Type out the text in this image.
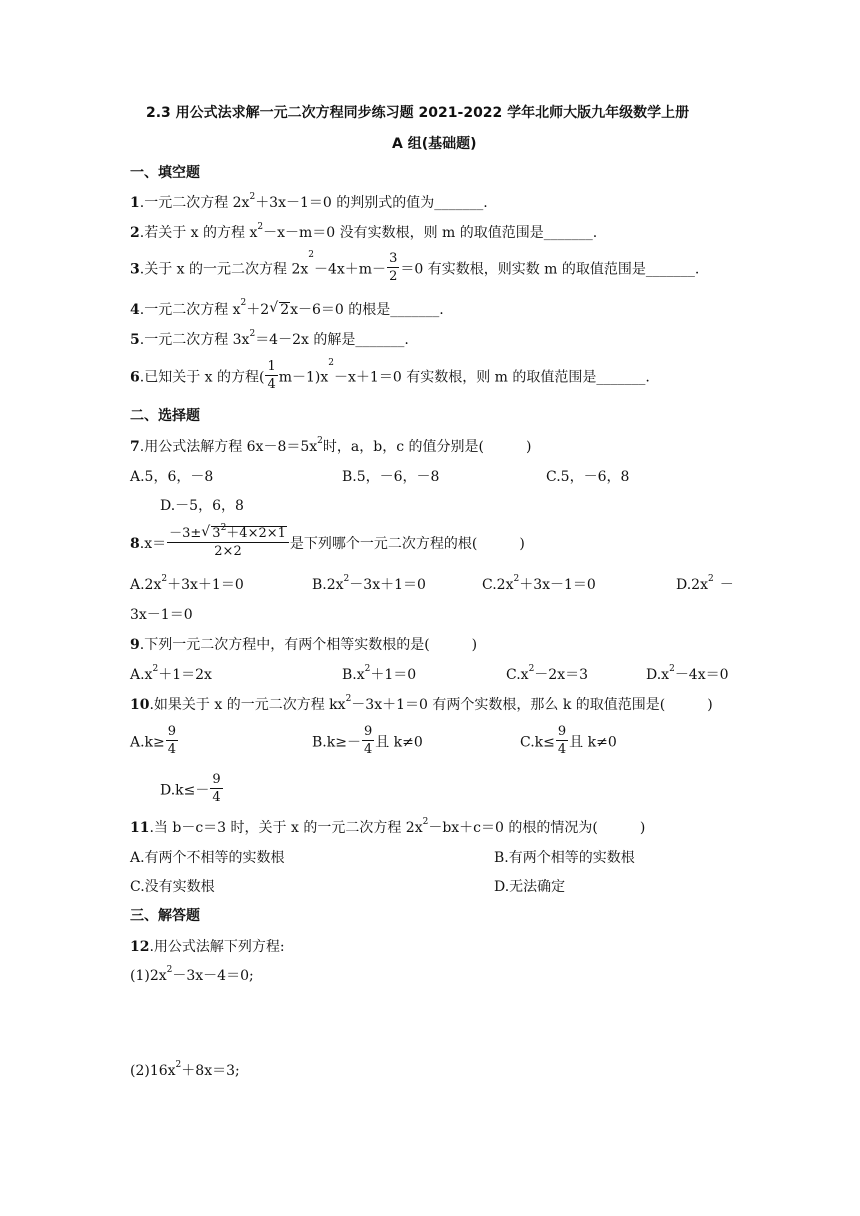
2.3 用公式法求解一元二次方程同步练习题 2021-2022 学年北师大版九年级数学上册
A 组(基础题)
一、填空题
1.一元二次方程 $2x^2+3x-1=0$ 的判别式的值为_______.
2.若关于 x 的方程 $x^2-x-m=0$ 没有实数根，则 m 的取值范围是_______.
3.关于 x 的一元二次方程 $2x^2-4x+m- \frac{3}{2} =0$ 有实数根，则实数 m 的取值范围是_______.
4.一元二次方程 $x^2+2√$ 2x－6＝0 的根是_______.
5.一元二次方程 $3x^2=4-2x$ 的解是_______.
6.已知关于 x 的方程( $\frac{1}{4} m-1)x^2-x+1=0$ 有实数根，则 m 的取值范围是_______.
二、选择题
7.用公式法解方程 $6x-8=5x^2$时，a，b，c 的值分别是(　　　)
A.5，6，－8	B.5，－6，－8	C.5，－6，8
D.－5，6，8
$8.x= \frac{-3\pm√ 3^2+4\times 2\times 1}{2\times 2}$ 是下列哪个一元二次方程的根(　　　)
$A.2x^2+3x+1=0$	$B.2x^2-3x+1=0$	$C.2x^2+3x-1=0$	$D.2x^2$ －
3x－1＝0
9.下列一元二次方程中，有两个相等实数根的是(　　　)
$A.x^2+1=2x$	$B.x^2+1=0$	$C.x^2-2x=3$	$D.x^2-4x=0$
10.如果关于 x 的一元二次方程 $kx^2-3x+1=0$ 有两个实数根，那么 k 的取值范围是(　　　)
$A.k\ge \frac{9}{4}$	$B.k\ge- \frac{9}{4}$ 且 k≠0	$C.k\le \frac{9}{4}$ 且 k≠0
$D.k\le- \frac{9}{4}$
11.当 b－c＝3 时，关于 x 的一元二次方程 $2x^2-bx+c=0$ 的根的情况为(　　　)
A.有两个不相等的实数根	B.有两个相等的实数根
C.没有实数根	D.无法确定
三、解答题
12.用公式法解下列方程:
$(1)2x^2-3x-4=0$;
$(2)16x^2+8x=3$;
